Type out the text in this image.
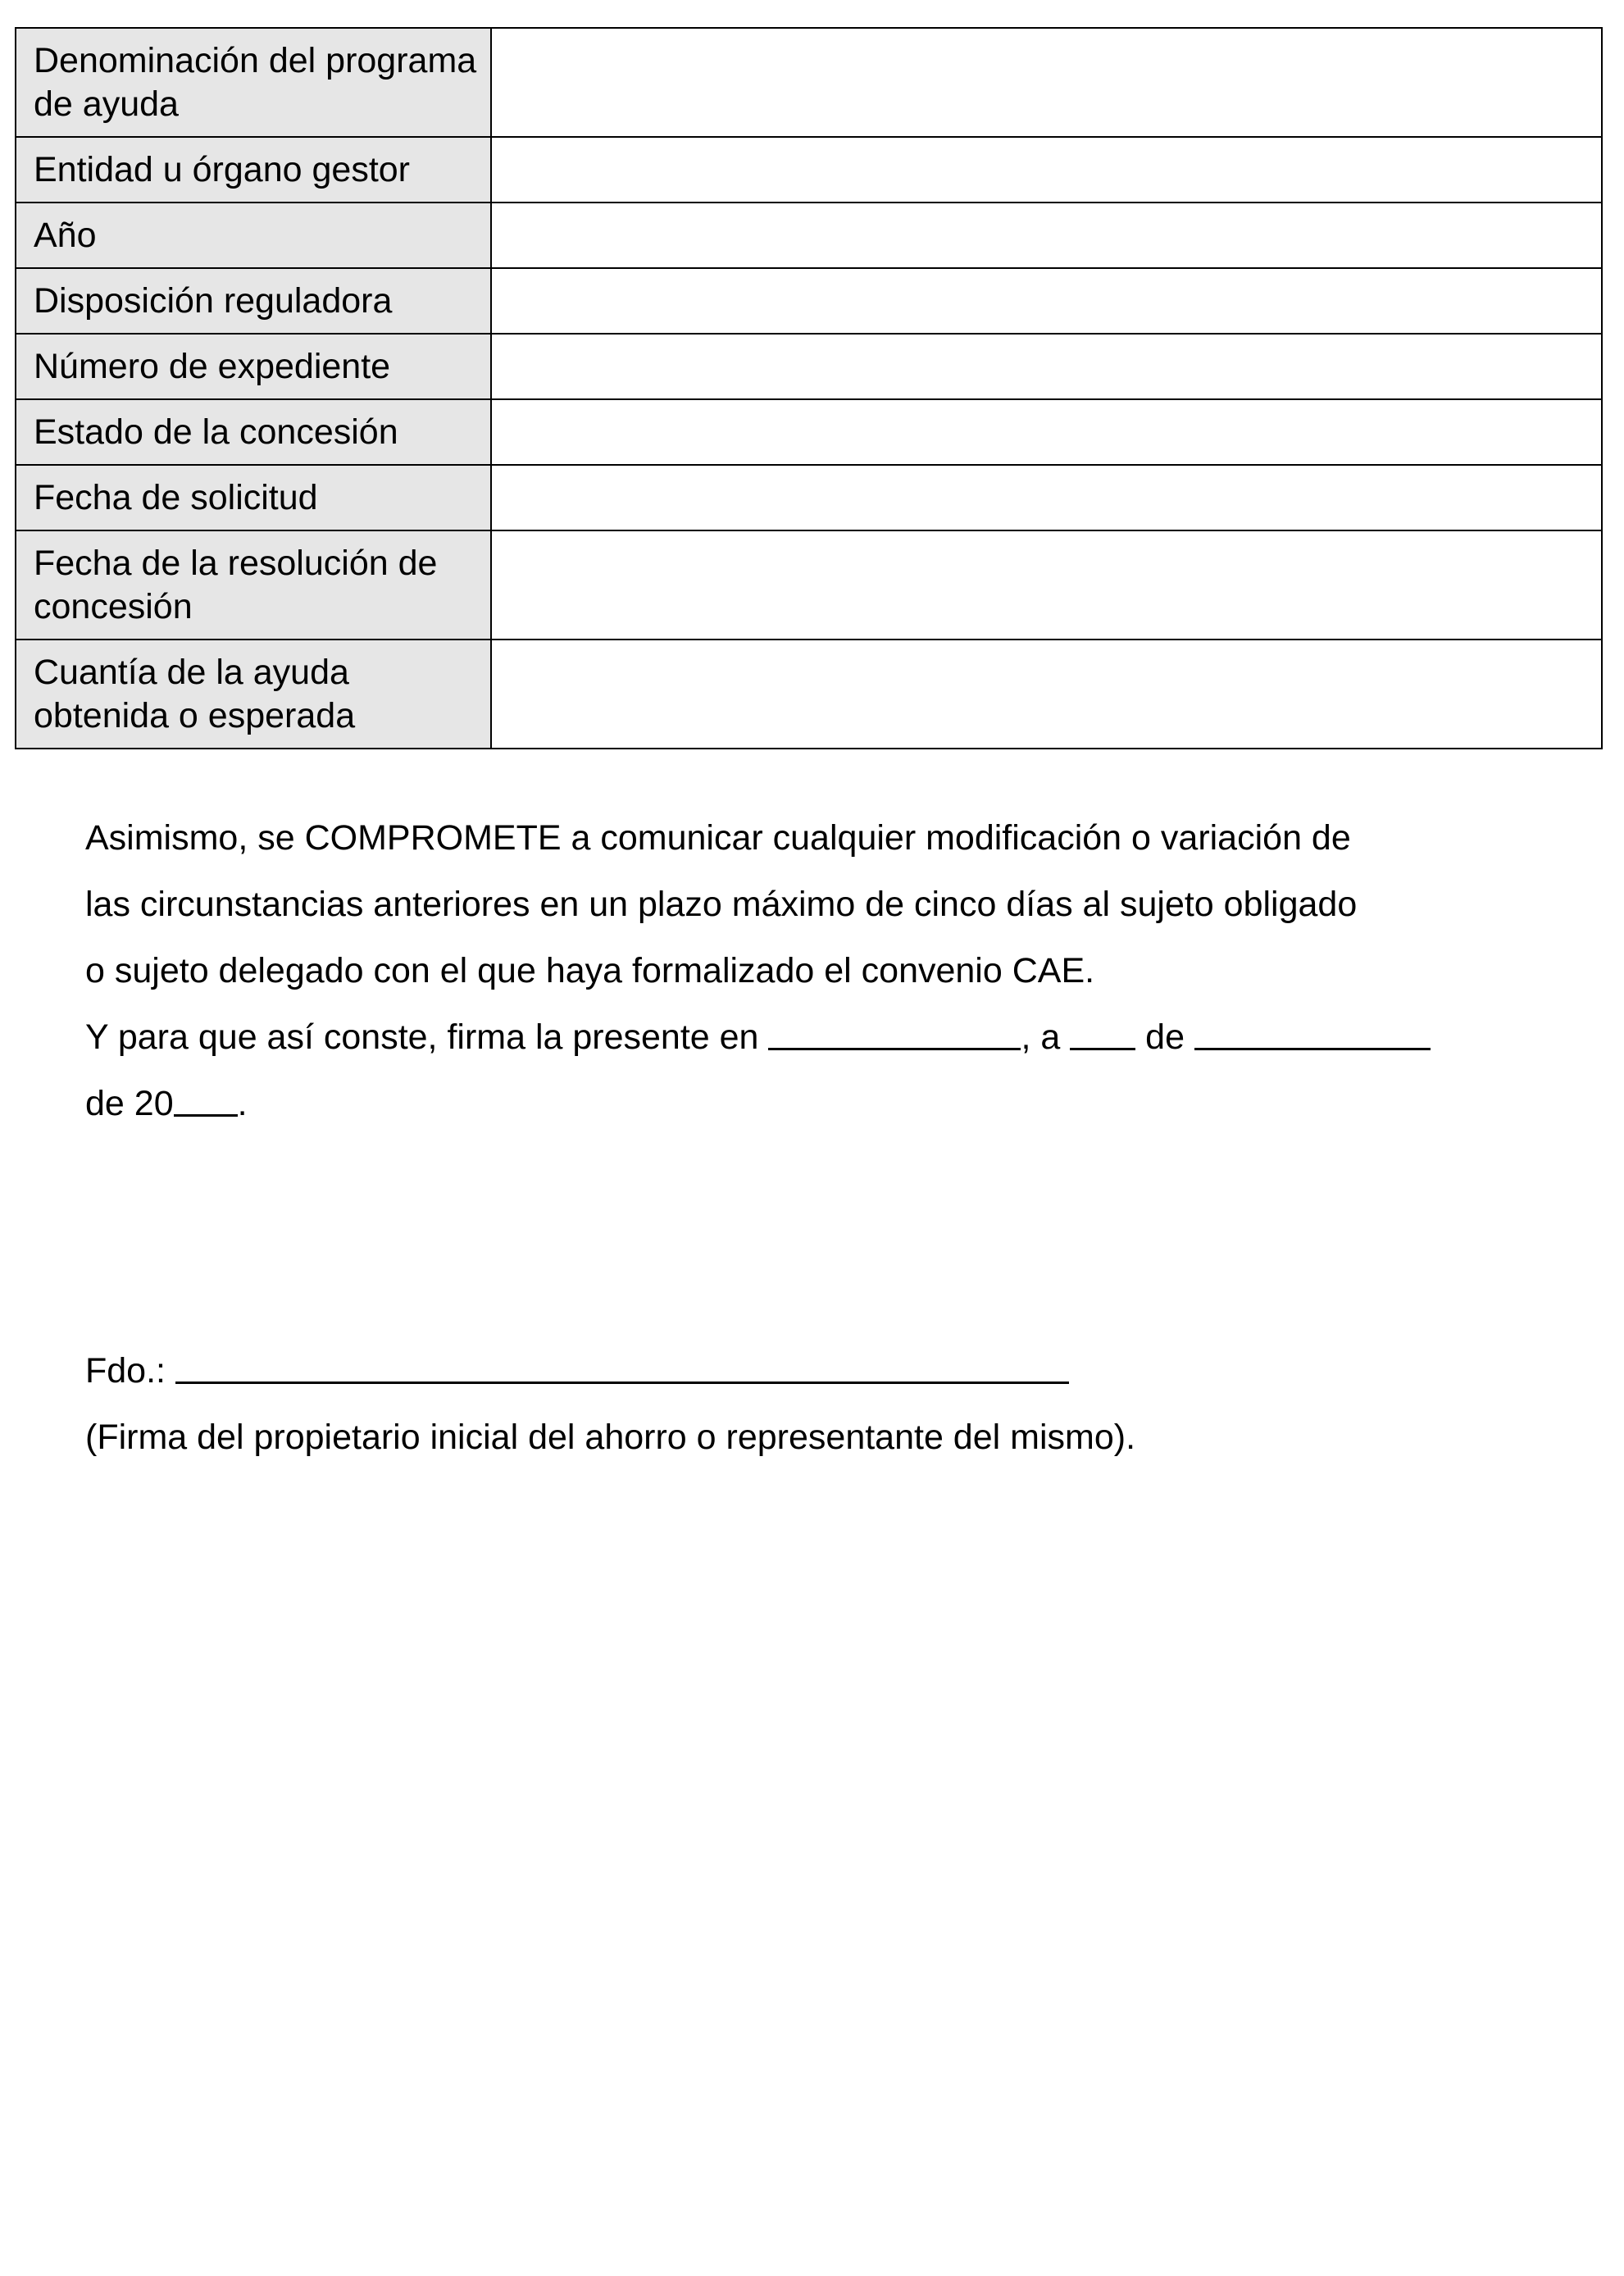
Denominación del programa de ayuda	
Entidad u órgano gestor	
Año	
Disposición reguladora	
Número de expediente	
Estado de la concesión	
Fecha de solicitud	
Fecha de la resolución de concesión	
Cuantía de la ayuda obtenida o esperada	
Asimismo, se COMPROMETE a comunicar cualquier modificación o variación de
las circunstancias anteriores en un plazo máximo de cinco días al sujeto obligado
o sujeto delegado con el que haya formalizado el convenio CAE.
Y para que así conste, firma la presente en	, a de
de 20 .
Fdo.:
(Firma del propietario inicial del ahorro o representante del mismo).
